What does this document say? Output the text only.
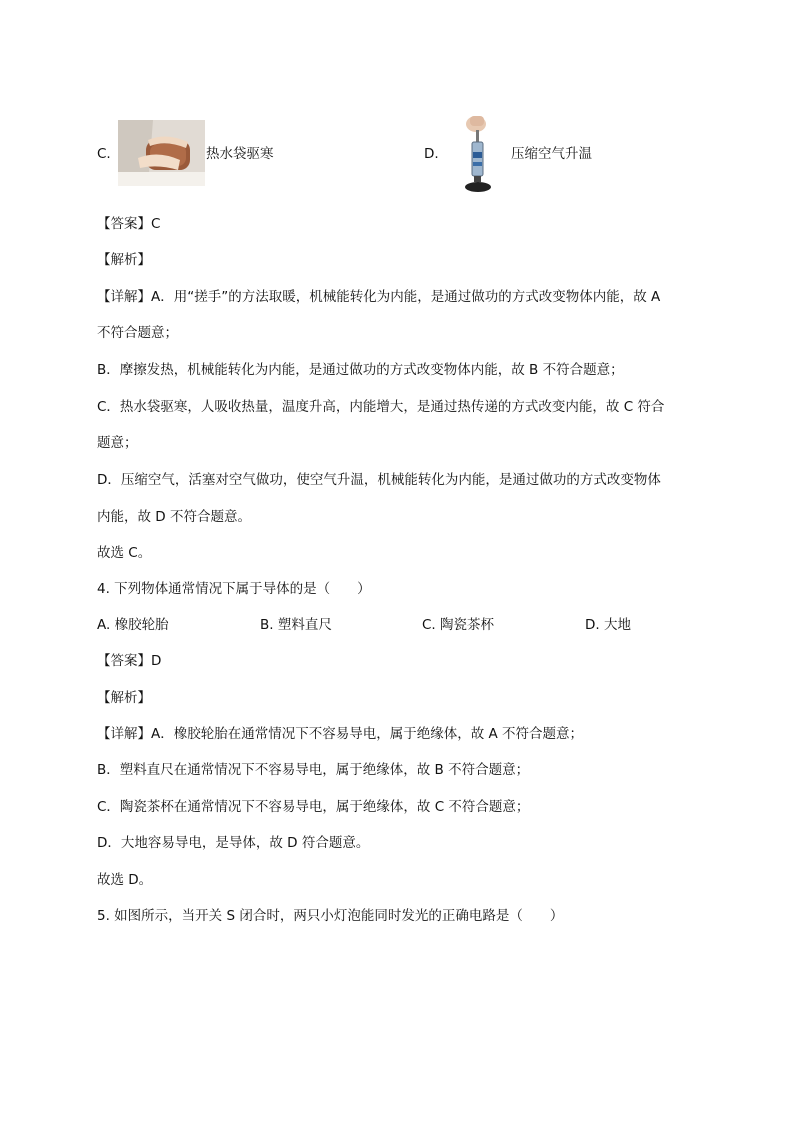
C.	热水袋驱寒	D.	压缩空气升温
【答案】C
【解析】
【详解】A．用“搓手”的方法取暖，机械能转化为内能，是通过做功的方式改变物体内能，故 A
不符合题意；
B．摩擦发热，机械能转化为内能，是通过做功的方式改变物体内能，故 B 不符合题意；
C．热水袋驱寒，人吸收热量，温度升高，内能增大，是通过热传递的方式改变内能，故 C 符合
题意；
D．压缩空气，活塞对空气做功，使空气升温，机械能转化为内能，是通过做功的方式改变物体
内能，故 D 不符合题意。
故选 C。
4. 下列物体通常情况下属于导体的是（　　）
A. 橡胶轮胎	B. 塑料直尺	C. 陶瓷茶杯	D. 大地
【答案】D
【解析】
【详解】A．橡胶轮胎在通常情况下不容易导电，属于绝缘体，故 A 不符合题意；
B．塑料直尺在通常情况下不容易导电，属于绝缘体，故 B 不符合题意；
C．陶瓷茶杯在通常情况下不容易导电，属于绝缘体，故 C 不符合题意；
D．大地容易导电，是导体，故 D 符合题意。
故选 D。
5. 如图所示，当开关 S 闭合时，两只小灯泡能同时发光的正确电路是（　　）
